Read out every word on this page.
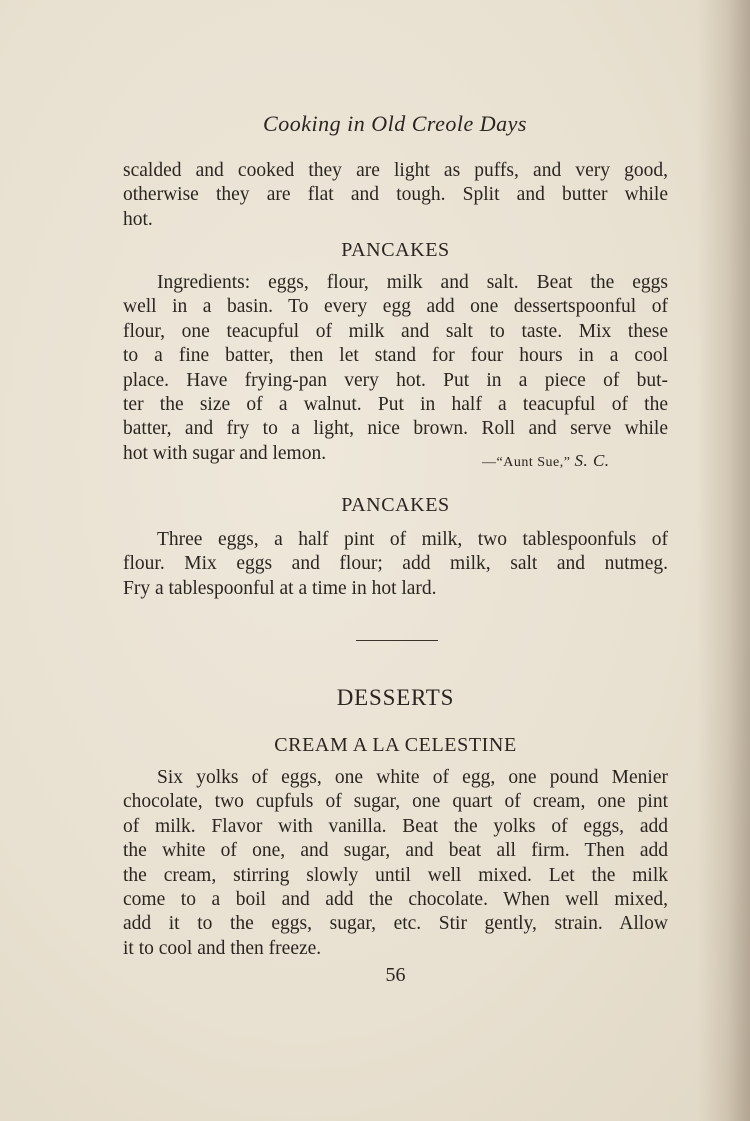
Cooking in Old Creole Days
scalded and cooked they are light as puffs, and very good,
otherwise they are flat and tough. Split and butter while
hot.
PANCAKES
Ingredients: eggs, flour, milk and salt. Beat the eggs
well in a basin. To every egg add one dessertspoonful of
flour, one teacupful of milk and salt to taste. Mix these
to a fine batter, then let stand for four hours in a cool
place. Have frying-pan very hot. Put in a piece of but-
ter the size of a walnut. Put in half a teacupful of the
batter, and fry to a light, nice brown. Roll and serve while
hot with sugar and lemon.	—“Aunt Sue,” S. C.
PANCAKES
Three eggs, a half pint of milk, two tablespoonfuls of
flour. Mix eggs and flour; add milk, salt and nutmeg.
Fry a tablespoonful at a time in hot lard.
DESSERTS
CREAM A LA CELESTINE
Six yolks of eggs, one white of egg, one pound Menier
chocolate, two cupfuls of sugar, one quart of cream, one pint
of milk. Flavor with vanilla. Beat the yolks of eggs, add
the white of one, and sugar, and beat all firm. Then add
the cream, stirring slowly until well mixed. Let the milk
come to a boil and add the chocolate. When well mixed,
add it to the eggs, sugar, etc. Stir gently, strain. Allow
it to cool and then freeze.
56
